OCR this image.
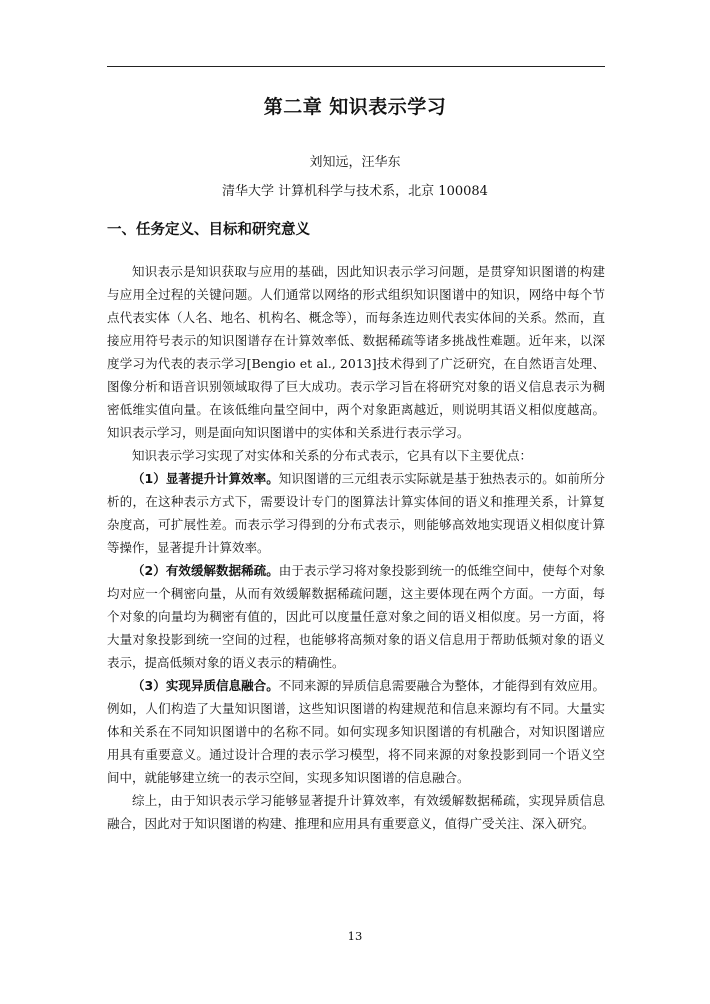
第二章 知识表示学习
刘知远，汪华东
清华大学 计算机科学与技术系，北京 100084
一、任务定义、目标和研究意义

知识表示是知识获取与应用的基础，因此知识表示学习问题，是贯穿知识图谱的构建与应用全过程的关键问题。人们通常以网络的形式组织知识图谱中的知识，网络中每个节点代表实体（人名、地名、机构名、概念等），而每条连边则代表实体间的关系。然而，直接应用符号表示的知识图谱存在计算效率低、数据稀疏等诸多挑战性难题。近年来，以深度学习为代表的表示学习[Bengio et al., 2013]技术得到了广泛研究，在自然语言处理、图像分析和语音识别领域取得了巨大成功。表示学习旨在将研究对象的语义信息表示为稠密低维实值向量。在该低维向量空间中，两个对象距离越近，则说明其语义相似度越高。知识表示学习，则是面向知识图谱中的实体和关系进行表示学习。

知识表示学习实现了对实体和关系的分布式表示，它具有以下主要优点：

（1）显著提升计算效率。知识图谱的三元组表示实际就是基于独热表示的。如前所分析的，在这种表示方式下，需要设计专门的图算法计算实体间的语义和推理关系，计算复杂度高，可扩展性差。而表示学习得到的分布式表示，则能够高效地实现语义相似度计算等操作，显著提升计算效率。

（2）有效缓解数据稀疏。由于表示学习将对象投影到统一的低维空间中，使每个对象均对应一个稠密向量，从而有效缓解数据稀疏问题，这主要体现在两个方面。一方面，每个对象的向量均为稠密有值的，因此可以度量任意对象之间的语义相似度。另一方面，将大量对象投影到统一空间的过程，也能够将高频对象的语义信息用于帮助低频对象的语义表示，提高低频对象的语义表示的精确性。

（3）实现异质信息融合。不同来源的异质信息需要融合为整体，才能得到有效应用。例如，人们构造了大量知识图谱，这些知识图谱的构建规范和信息来源均有不同。大量实体和关系在不同知识图谱中的名称不同。如何实现多知识图谱的有机融合，对知识图谱应用具有重要意义。通过设计合理的表示学习模型，将不同来源的对象投影到同一个语义空间中，就能够建立统一的表示空间，实现多知识图谱的信息融合。

综上，由于知识表示学习能够显著提升计算效率，有效缓解数据稀疏，实现异质信息融合，因此对于知识图谱的构建、推理和应用具有重要意义，值得广受关注、深入研究。

13
